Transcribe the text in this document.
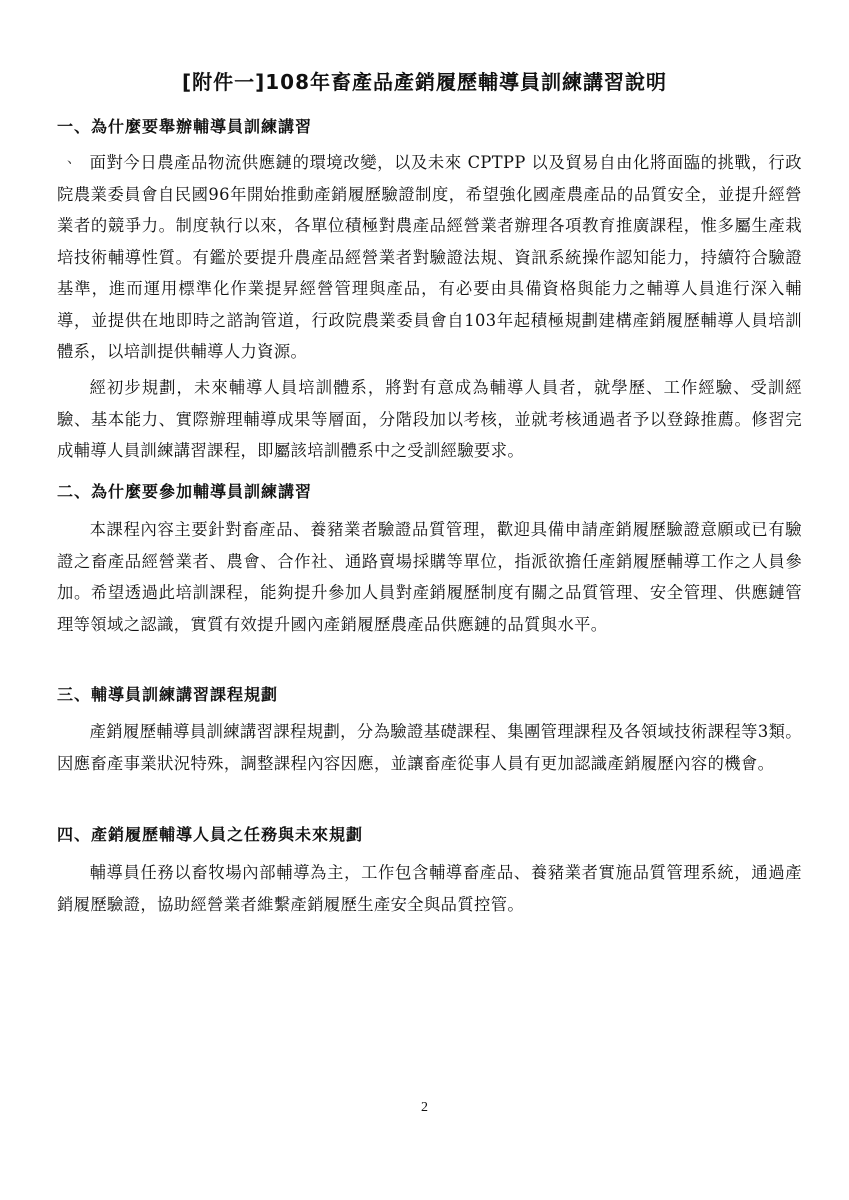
[附件一]108年畜產品產銷履歷輔導員訓練講習說明
一、為什麼要舉辦輔導員訓練講習
、 面對今日農產品物流供應鏈的環境改變，以及未來 CPTPP 以及貿易自由化將面臨的挑戰，行政院農業委員會自民國96年開始推動產銷履歷驗證制度，希望強化國產農產品的品質安全，並提升經營業者的競爭力。制度執行以來，各單位積極對農產品經營業者辦理各項教育推廣課程，惟多屬生產栽培技術輔導性質。有鑑於要提升農產品經營業者對驗證法規、資訊系統操作認知能力，持續符合驗證基準，進而運用標準化作業提昇經營管理與產品，有必要由具備資格與能力之輔導人員進行深入輔導，並提供在地即時之諮詢管道，行政院農業委員會自103年起積極規劃建構產銷履歷輔導人員培訓體系，以培訓提供輔導人力資源。
經初步規劃，未來輔導人員培訓體系，將對有意成為輔導人員者，就學歷、工作經驗、受訓經驗、基本能力、實際辦理輔導成果等層面，分階段加以考核，並就考核通過者予以登錄推薦。修習完成輔導人員訓練講習課程，即屬該培訓體系中之受訓經驗要求。
二、為什麼要參加輔導員訓練講習
本課程內容主要針對畜產品、養豬業者驗證品質管理，歡迎具備申請產銷履歷驗證意願或已有驗證之畜產品經營業者、農會、合作社、通路賣場採購等單位，指派欲擔任產銷履歷輔導工作之人員參加。希望透過此培訓課程，能夠提升參加人員對產銷履歷制度有關之品質管理、安全管理、供應鏈管理等領域之認識，實質有效提升國內產銷履歷農產品供應鏈的品質與水平。
三、輔導員訓練講習課程規劃
產銷履歷輔導員訓練講習課程規劃，分為驗證基礎課程、集團管理課程及各領域技術課程等3類。因應畜產事業狀況特殊，調整課程內容因應，並讓畜產從事人員有更加認識產銷履歷內容的機會。
四、產銷履歷輔導人員之任務與未來規劃
輔導員任務以畜牧場內部輔導為主，工作包含輔導畜產品、養豬業者實施品質管理系統，通過產銷履歷驗證，協助經營業者維繫產銷履歷生產安全與品質控管。
2
